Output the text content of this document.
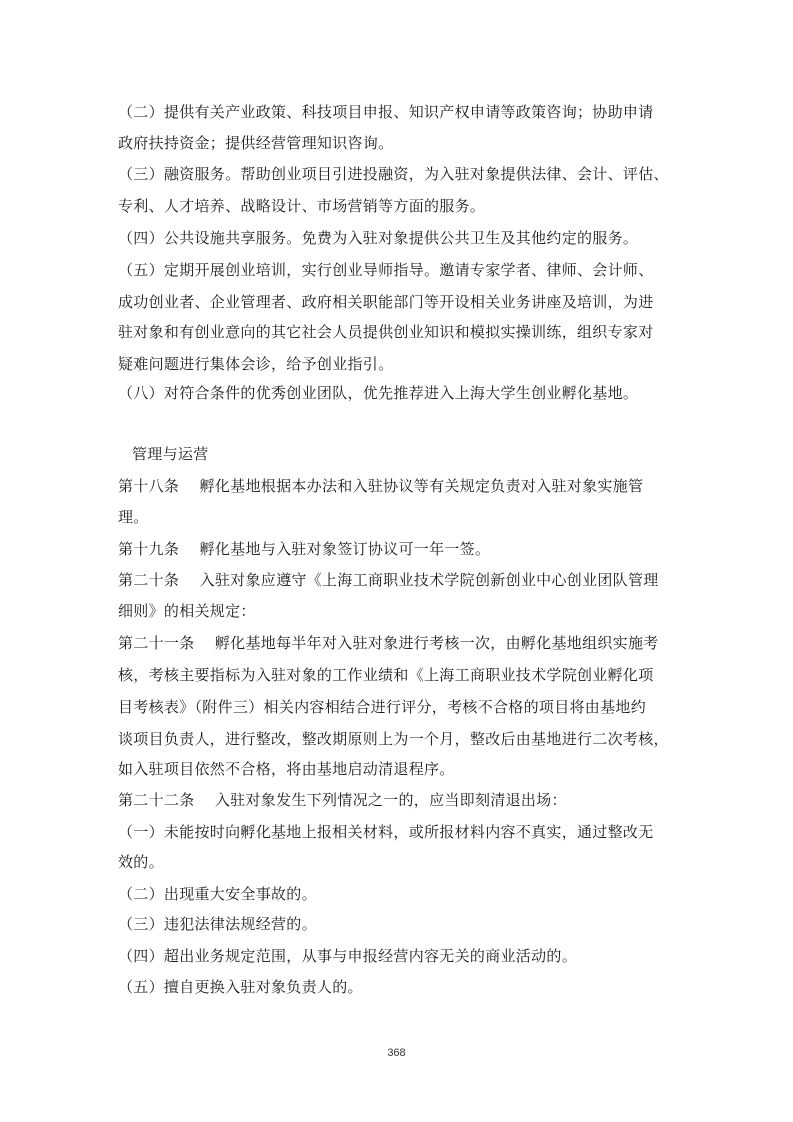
（二）提供有关产业政策、科技项目申报、知识产权申请等政策咨询；协助申请
政府扶持资金；提供经营管理知识咨询。
（三）融资服务。帮助创业项目引进投融资，为入驻对象提供法律、会计、评估、
专利、人才培养、战略设计、市场营销等方面的服务。
（四）公共设施共享服务。免费为入驻对象提供公共卫生及其他约定的服务。
（五）定期开展创业培训，实行创业导师指导。邀请专家学者、律师、会计师、
成功创业者、企业管理者、政府相关职能部门等开设相关业务讲座及培训，为进
驻对象和有创业意向的其它社会人员提供创业知识和模拟实操训练，组织专家对
疑难问题进行集体会诊，给予创业指引。
（八）对符合条件的优秀创业团队，优先推荐进入上海大学生创业孵化基地。
管理与运营
第十八条　 孵化基地根据本办法和入驻协议等有关规定负责对入驻对象实施管
理。
第十九条　 孵化基地与入驻对象签订协议可一年一签。
第二十条　 入驻对象应遵守《上海工商职业技术学院创新创业中心创业团队管理
细则》的相关规定：
第二十一条　 孵化基地每半年对入驻对象进行考核一次，由孵化基地组织实施考
核，考核主要指标为入驻对象的工作业绩和《上海工商职业技术学院创业孵化项
目考核表》（附件三）相关内容相结合进行评分，考核不合格的项目将由基地约
谈项目负责人，进行整改，整改期原则上为一个月，整改后由基地进行二次考核，
如入驻项目依然不合格，将由基地启动清退程序。
第二十二条　 入驻对象发生下列情况之一的，应当即刻清退出场：
（一）未能按时向孵化基地上报相关材料，或所报材料内容不真实，通过整改无
效的。
（二）出现重大安全事故的。
（三）违犯法律法规经营的。
（四）超出业务规定范围，从事与申报经营内容无关的商业活动的。
（五）擅自更换入驻对象负责人的。
368
